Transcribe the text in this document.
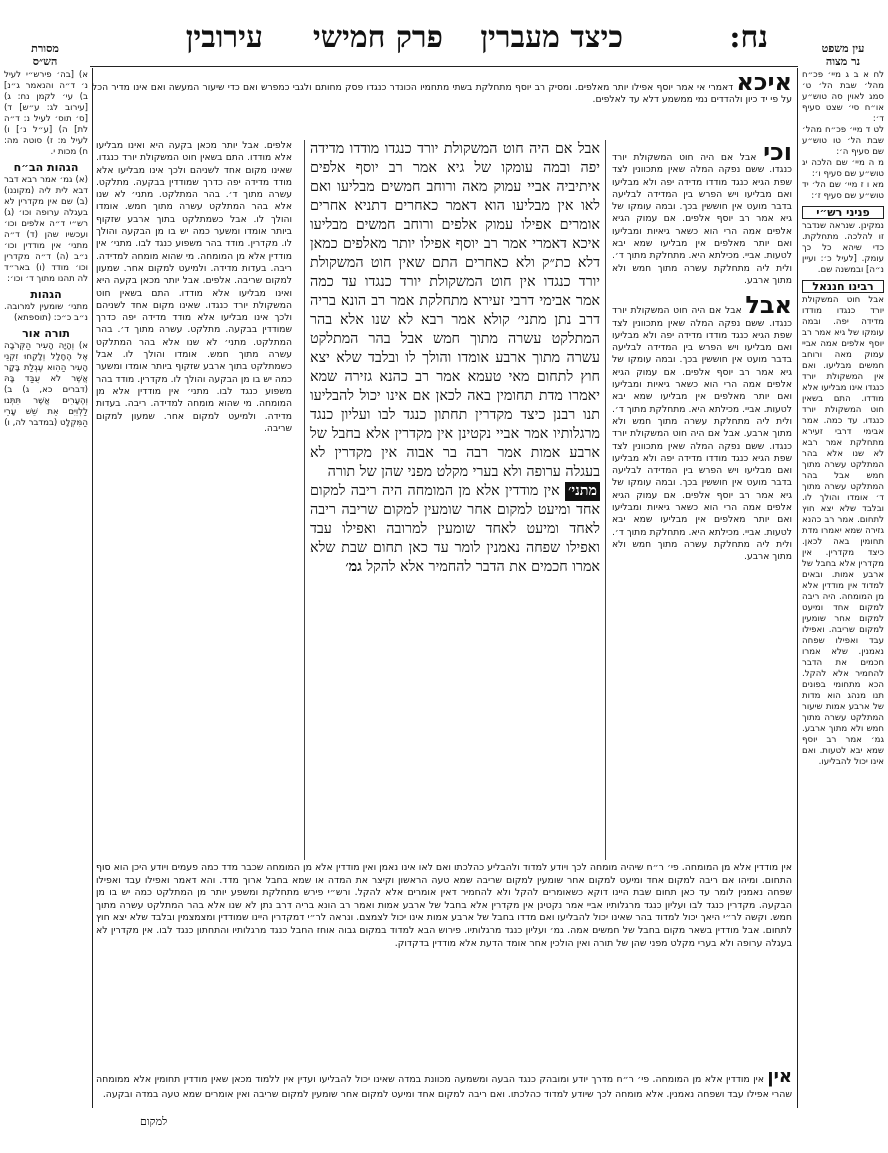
עין משפט
נר מצוה
נח:
כיצד מעברין
פרק חמישי
עירובין
מסורת
הש״ס

לח א ב ג מיי׳ פכ״ח מהל׳ שבת הל׳ ט׳ סמג לאוין סה טוש״ע או״ח סי׳ שצט סעיף ד׳:

לט ד מיי׳ פכ״ח מהל׳ שבת הל׳ טו טוש״ע שם סעיף ה׳:

מ ה מיי׳ שם הלכה יג טוש״ע שם סעיף ו׳:

מא ו ז מיי׳ שם הל׳ יד טוש״ע שם סעיף ז׳:

פניני רש״י

נמקינן. שנראה שנדבר זו להלכה. מתחלקת. כדי שיהא כל כך עומק. [לעיל כ׳: ועיין נ״ה] ובמשנה שם.

רבינו חננאל

אבל חוט המשקולת יורד כנגדו מודדו מדידה יפה. ובמה עומקו של גיא אמר רב יוסף אלפים אמה אביי עמוק מאה ורוחב חמשים מבליעו. ואם אין המשקולת יורד כנגדו אינו מבליעו אלא מודדו. התם בשאין חוט המשקולת יורד כנגדו. עד כמה. אמר אבימי דרבי זעירא מתחלקת אמר רבא לא שנו אלא בהר המתלקט עשרה מתוך חמש אבל בהר המתלקט עשרה מתוך ד׳ אומדו והולך לו. ובלבד שלא יצא חוץ לתחום. אמר רב כהנא גזירה שמא יאמרו מדת תחומין באה לכאן. כיצד מקדרין. אין מקדרין אלא בחבל של ארבע אמות. ובאים למדוד אין מודדין אלא מן המומחה. היה ריבה למקום אחד ומיעט למקום אחר שומעין למקום שריבה. ואפילו עבד ואפילו שפחה נאמנין. שלא אמרו חכמים את הדבר להחמיר אלא להקל. הכא מתחומי בפונים תנו מנהג הוא מדות של ארבע אמות שיעור המתלקט עשרה מתוך חמש ולא מתוך ארבע. גמ׳ אמר רב יוסף שמא יבא לטעות. ואם אינו יכול להבליעו.

א) [בה׳ פירש״י לעיל נ׳ ד״ה והנאמר ג״נ] ב) עי׳ לקמן נח: ג) [עירוב לג: ע״ש] ד) [ס׳ תוס׳ לעיל נ: ד״ה לת] ה) [ע״ל נ׳] ו) לעיל מ: ז) סוטה מה: ח) מכות י.

הגהות הב״ח

(א) גמ׳ אמר רבא דבר דבא לית ליה (מקוננו) (ב) שם אין מקדרין לא בעגלה ערופה וכו׳ (ג) רש״י ד״ה אלפים וכו׳ ועכשיו שהן (ד) ד״ה מתני׳ אין מודדין וכו׳ נ״ב (ה) ד״ה מקדרין וכו׳ מודד (ו) באר״ד לה תהנו מתוך ד׳ וכו׳:

הגהות

מתני׳ שומעין למרובה. נ״ב כ״כ: (תוספתא)

תורה אור

א) וְהָיָה הָעִיר הַקְּרֹבָה אֶל הֶחָלָל וְלָקְחוּ זִקְנֵי הָעִיר הַהִוא עֶגְלַת בָּקָר אֲשֶׁר לֹא עֻבַּד בָּהּ (דברים כא, ג) ב) וְהֶעָרִים אֲשֶׁר תִּתְּנוּ לַלְוִיִּם אֵת שֵׁשׁ עָרֵי הַמִּקְלָט (במדבר לה, ו)

איכא דאמרי אי אמר יוסף אפילו יותר מאלפים. ומסיק רב יוסף מתחלקת בשתי מתחמיו הכונדר כנגדו פסק מחותם ולגבי כמפרש ואם כדי שיעור המעשה ואם אינו מדיר הכל על פי יד כיון ולהדדים נמי ממשמע דלא עד לאלפים.
וכי אבל אם היה חוט המשקולת יורד כנגדו. ששם נפקה המלה שאין מתכוונין לצד שפת הגיא כנגד מודדו מדידה יפה ולא מבליעו ואם מבליעו ויש הפרש בין המדידה לבליעה בדבר מועט אין חוששין בכך. ובמה עומקו של גיא אמר רב יוסף אלפים. אם עמוק הגיא אלפים אמה הרי הוא כשאר גיאיות ומבליעו ואם יותר מאלפים אין מבליעו שמא יבא לטעות. אביי. מכילתא היא. מתחלקת מתוך ד׳. ולית ליה מתחלקת עשרה מתוך חמש ולא מתוך ארבע.
אבל אבל אם היה חוט המשקולת יורד כנגדו. ששם נפקה המלה שאין מתכוונין לצד שפת הגיא כנגד מודדו מדידה יפה ולא מבליעו ואם מבליעו ויש הפרש בין המדידה לבליעה בדבר מועט אין חוששין בכך. ובמה עומקו של גיא אמר רב יוסף אלפים. אם עמוק הגיא אלפים אמה הרי הוא כשאר גיאיות ומבליעו ואם יותר מאלפים אין מבליעו שמא יבא לטעות. אביי. מכילתא היא. מתחלקת מתוך ד׳. ולית ליה מתחלקת עשרה מתוך חמש ולא מתוך ארבע. אבל אם היה חוט המשקולת יורד כנגדו. ששם נפקה המלה שאין מתכוונין לצד שפת הגיא כנגד מודדו מדידה יפה ולא מבליעו ואם מבליעו ויש הפרש בין המדידה לבליעה בדבר מועט אין חוששין בכך. ובמה עומקו של גיא אמר רב יוסף אלפים. אם עמוק הגיא אלפים אמה הרי הוא כשאר גיאיות ומבליעו ואם יותר מאלפים אין מבליעו שמא יבא לטעות. אביי. מכילתא היא. מתחלקת מתוך ד׳. ולית ליה מתחלקת עשרה מתוך חמש ולא מתוך ארבע.

אבל אם היה חוט המשקולת יורד כנגדו מודדו מדידה יפה ובמה עומקו של גיא אמר רב יוסף אלפים איתיביה אביי עמוק מאה ורוחב חמשים מבליעו ואם לאו אין מבליעו הוא דאמר כאחרים דתניא אחרים אומרים אפילו עמוק אלפים ורוחב חמשים מבליעו איכא דאמרי אמר רב יוסף אפילו יותר מאלפים כמאן דלא כת״ק ולא כאחרים התם שאין חוט המשקולת יורד כנגדו אין חוט המשקולת יורד כנגדו עד כמה אמר אבימי דרבי זעירא מתחלקת אמר רב הונא בריה דרב נתן מתני׳ קולא אמר רבא לא שנו אלא בהר המתלקט עשרה מתוך חמש אבל בהר המתלקט עשרה מתוך ארבע אומדו והולך לו ובלבד שלא יצא חוץ לתחום מאי טעמא אמר רב כהנא גזירה שמא יאמרו מדת תחומין באה לכאן אם אינו יכול להבליעו תנו רבנן כיצד מקדרין תחתון כנגד לבו ועליון כנגד מרגלותיו אמר אביי נקטינן אין מקדרין אלא בחבל של ארבע אמות אמר רבה בר אבוה אין מקדרין לא בעגלה ערופה ולא בערי מקלט מפני שהן של תורה

מתני׳ אין מודדין אלא מן המומחה היה ריבה למקום אחד ומיעט למקום אחר שומעין למקום שריבה ריבה לאחד ומיעט לאחד שומעין למרובה ואפילו עבד ואפילו שפחה נאמנין לומר עד כאן תחום שבת שלא אמרו חכמים את הדבר להחמיר אלא להקל גמ׳

אלפים. אבל יותר מכאן בקעה היא ואינו מבליעו אלא מודדו. התם בשאין חוט המשקולת יורד כנגדו. שאינו מקום אחד לשניהם ולכך אינו מבליעו אלא מודד מדידה יפה כדרך שמודדין בבקעה. מתלקט. עשרה מתוך ד׳. בהר המתלקט. מתני׳ לא שנו אלא בהר המתלקט עשרה מתוך חמש. אומדו והולך לו. אבל כשמתלקט בתוך ארבע שזקוף ביותר אומדו ומשער כמה יש בו מן הבקעה והולך לו. מקדרין. מודד בהר משפוע כנגד לבו. מתני׳ אין מודדין אלא מן המומחה. מי שהוא מומחה למדידה. ריבה. בעדות מדידה. ולמיעט למקום אחר. שמעון למקום שריבה. אלפים. אבל יותר מכאן בקעה היא ואינו מבליעו אלא מודדו. התם בשאין חוט המשקולת יורד כנגדו. שאינו מקום אחד לשניהם ולכך אינו מבליעו אלא מודד מדידה יפה כדרך שמודדין בבקעה. מתלקט. עשרה מתוך ד׳. בהר המתלקט. מתני׳ לא שנו אלא בהר המתלקט עשרה מתוך חמש. אומדו והולך לו. אבל כשמתלקט בתוך ארבע שזקוף ביותר אומדו ומשער כמה יש בו מן הבקעה והולך לו. מקדרין. מודד בהר משפוע כנגד לבו. מתני׳ אין מודדין אלא מן המומחה. מי שהוא מומחה למדידה. ריבה. בעדות מדידה. ולמיעט למקום אחר. שמעון למקום שריבה.
אין מודדין אלא מן המומחה. פי׳ ר״ח שיהיה מומחה לכך ויודע למדוד ולהבליע כהלכתו ואם לאו אינו נאמן ואין מודדין אלא מן המומחה שכבר מדד כמה פעמים ויודע היכן הוא סוף התחום. ומיהו אם ריבה למקום אחד ומיעט למקום אחר שומעין למקום שריבה שמא טעה הראשון וקיצר את המדה או שמא בחבל ארוך מדד. והא דאמר ואפילו עבד ואפילו שפחה נאמנין לומר עד כאן תחום שבת היינו דוקא כשאומרים להקל ולא להחמיר דאין אומרים אלא להקל. ורש״י פירש מתחלקת ומשפע יותר מן המתלקט כמה יש בו מן הבקעה. מקדרין כנגד לבו ועליון כנגד מרגלותיו אביי אמר נקטינן אין מקדרין אלא בחבל של ארבע אמות ואמר רב הונא בריה דרב נתן לא שנו אלא בהר המתלקט עשרה מתוך חמש. וקשה לר״י היאך יכול למדוד בהר שאינו יכול להבליעו ואם מדדו בחבל של ארבע אמות אינו יכול לצמצם. ונראה לר״י דמקדרין היינו שמודדין ומצמצמין ובלבד שלא יצא חוץ לתחום. אבל מודדין בשאר מקום בחבל של חמשים אמה. גמ׳ ועליון כנגד מרגלותיו. פירוש הבא למדוד במקום גבוה אוחז החבל כנגד מרגלותיו והתחתון כנגד לבו. אין מקדרין לא בעגלה ערופה ולא בערי מקלט מפני שהן של תורה ואין הולכין אחר אומד הדעת אלא מודדין בדקדוק.
אין אין מודדין אלא מן המומחה. פי׳ ר״ח מדרך יודע ומובהק כנגד הבעה ומשמעה מכוונת במדה שאינו יכול להבליעו ועדין אין ללמוד מכאן שאין מודדין תחומין אלא ממומחה שהרי אפילו עבד ושפחה נאמנין. אלא מומחה לכך שיודע למדוד כהלכתו. ואם ריבה למקום אחד ומיעט למקום אחר שומעין למקום שריבה ואין אומרים שמא טעה במדה ובקעה.
למקום
